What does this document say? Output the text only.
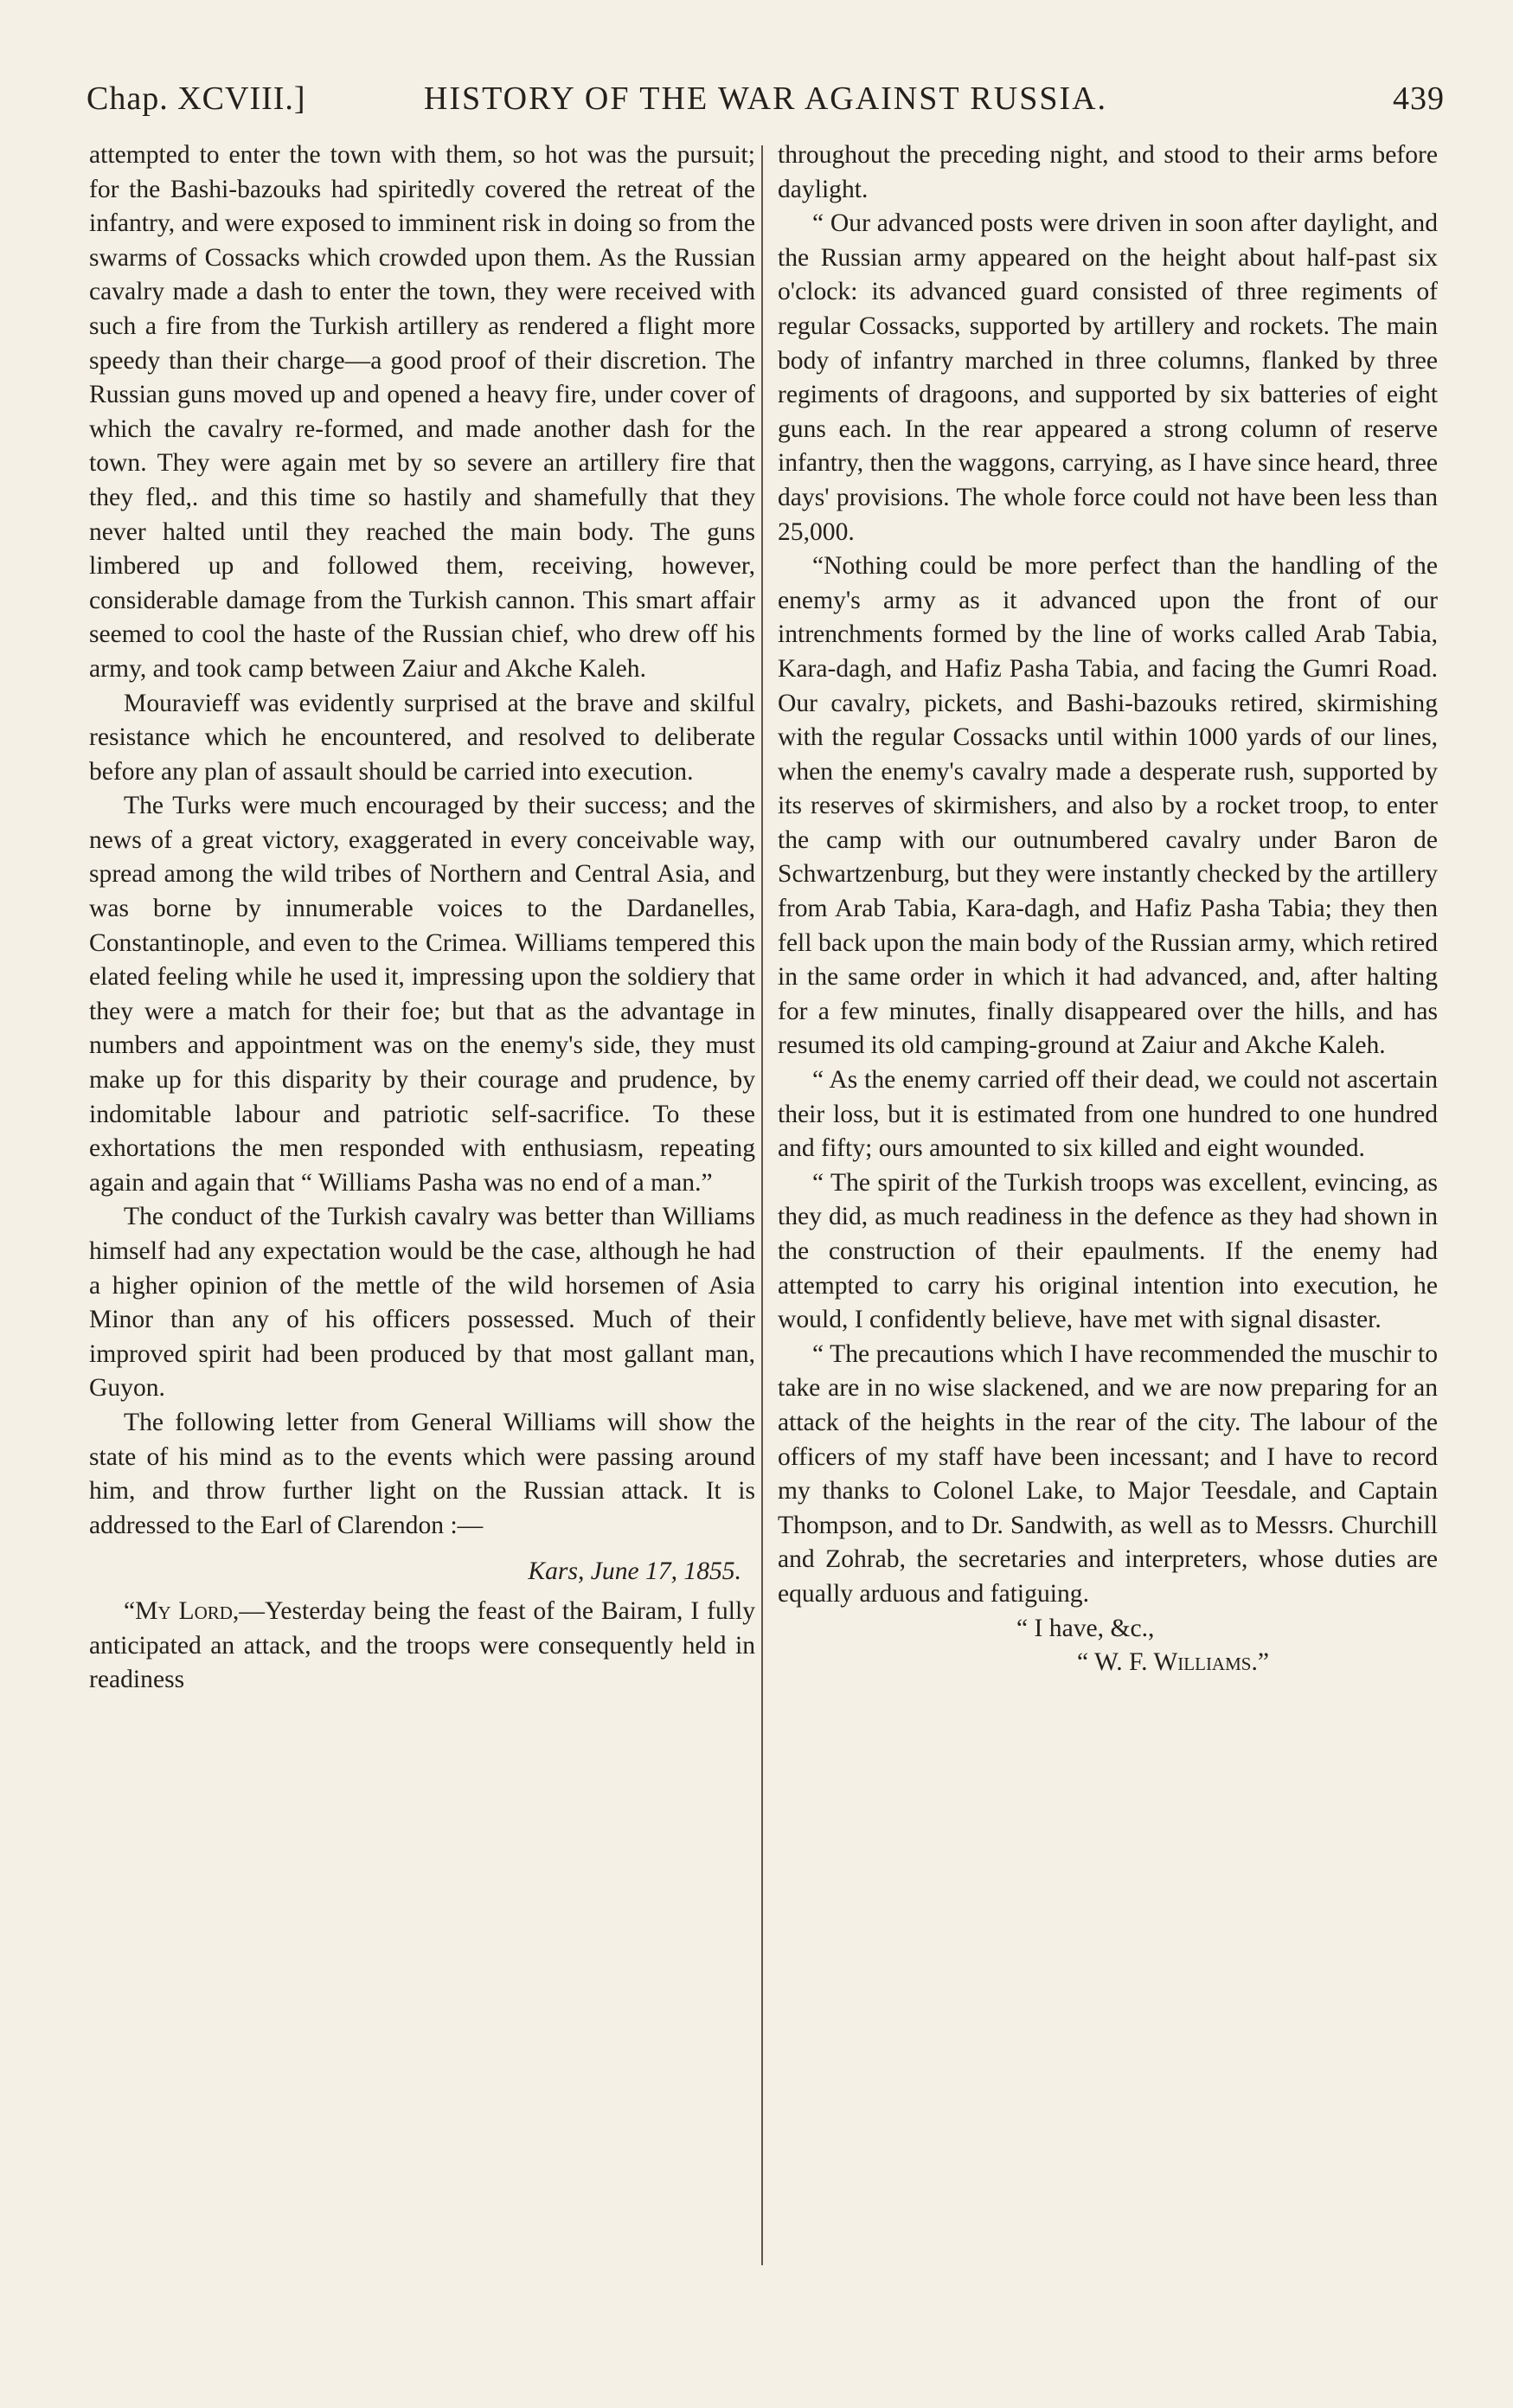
Chap. XCVIII.]	HISTORY OF THE WAR AGAINST RUSSIA.	439

attempted to enter the town with them, so hot was the pursuit; for the Bashi-bazouks had spiritedly covered the retreat of the infantry, and were exposed to imminent risk in doing so from the swarms of Cossacks which crowded upon them. As the Russian cavalry made a dash to enter the town, they were received with such a fire from the Turkish artillery as rendered a flight more speedy than their charge—a good proof of their discretion. The Russian guns moved up and opened a heavy fire, under cover of which the cavalry re-formed, and made another dash for the town. They were again met by so severe an artillery fire that they fled,. and this time so hastily and shamefully that they never halted until they reached the main body. The guns limbered up and followed them, receiving, however, considerable damage from the Turkish cannon. This smart affair seemed to cool the haste of the Russian chief, who drew off his army, and took camp between Zaiur and Akche Kaleh.

Mouravieff was evidently surprised at the brave and skilful resistance which he encountered, and resolved to deliberate before any plan of assault should be carried into execution.

The Turks were much encouraged by their success; and the news of a great victory, exaggerated in every conceivable way, spread among the wild tribes of Northern and Central Asia, and was borne by innumerable voices to the Dardanelles, Constantinople, and even to the Crimea. Williams tempered this elated feeling while he used it, impressing upon the soldiery that they were a match for their foe; but that as the advantage in numbers and appointment was on the enemy's side, they must make up for this disparity by their courage and prudence, by indomitable labour and patriotic self-sacrifice. To these exhortations the men responded with enthusiasm, repeating again and again that “ Williams Pasha was no end of a man.”

The conduct of the Turkish cavalry was better than Williams himself had any expectation would be the case, although he had a higher opinion of the mettle of the wild horsemen of Asia Minor than any of his officers possessed. Much of their improved spirit had been produced by that most gallant man, Guyon.

The following letter from General Williams will show the state of his mind as to the events which were passing around him, and throw further light on the Russian attack. It is addressed to the Earl of Clarendon :—

Kars, June 17, 1855.

“My Lord,—Yesterday being the feast of the Bairam, I fully anticipated an attack, and the troops were consequently held in readiness

throughout the preceding night, and stood to their arms before daylight.

“ Our advanced posts were driven in soon after daylight, and the Russian army appeared on the height about half-past six o'clock: its advanced guard consisted of three regiments of regular Cossacks, supported by artillery and rockets. The main body of infantry marched in three columns, flanked by three regiments of dragoons, and supported by six batteries of eight guns each. In the rear appeared a strong column of reserve infantry, then the waggons, carrying, as I have since heard, three days' provisions. The whole force could not have been less than 25,000.

“Nothing could be more perfect than the handling of the enemy's army as it advanced upon the front of our intrenchments formed by the line of works called Arab Tabia, Kara-dagh, and Hafiz Pasha Tabia, and facing the Gumri Road. Our cavalry, pickets, and Bashi-bazouks retired, skirmishing with the regular Cossacks until within 1000 yards of our lines, when the enemy's cavalry made a desperate rush, supported by its reserves of skirmishers, and also by a rocket troop, to enter the camp with our outnumbered cavalry under Baron de Schwartzenburg, but they were instantly checked by the artillery from Arab Tabia, Kara-dagh, and Hafiz Pasha Tabia; they then fell back upon the main body of the Russian army, which retired in the same order in which it had advanced, and, after halting for a few minutes, finally disappeared over the hills, and has resumed its old camping-ground at Zaiur and Akche Kaleh.

“ As the enemy carried off their dead, we could not ascertain their loss, but it is estimated from one hundred to one hundred and fifty; ours amounted to six killed and eight wounded.

“ The spirit of the Turkish troops was excellent, evincing, as they did, as much readiness in the defence as they had shown in the construction of their epaulments. If the enemy had attempted to carry his original intention into execution, he would, I confidently believe, have met with signal disaster.

“ The precautions which I have recommended the muschir to take are in no wise slackened, and we are now preparing for an attack of the heights in the rear of the city. The labour of the officers of my staff have been incessant; and I have to record my thanks to Colonel Lake, to Major Teesdale, and Captain Thompson, and to Dr. Sandwith, as well as to Messrs. Churchill and Zohrab, the secretaries and interpreters, whose duties are equally arduous and fatiguing.

“ I have, &c.,

“ W. F. Williams.”
